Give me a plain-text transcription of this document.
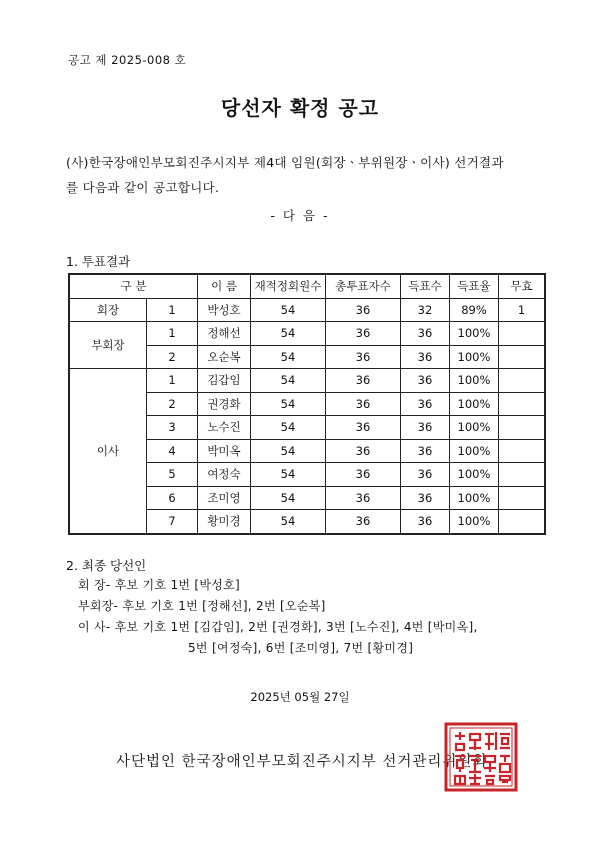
공고 제 2025-008 호
당선자 확정 공고

(사)한국장애인부모회진주시지부 제4대 임원(회장ㆍ부위원장ㆍ이사) 선거결과

를 다음과 같이 공고합니다.

- 다 음 -
1. 투표결과
구 분		이 름	재적정회원수	총투표자수	득표수	득표율	무효
회장	1	박성호	54	36	32	89%	1
부회장	1	정해선	54	36	36	100%	
	2	오순복	54	36	36	100%	
이사	1	김갑임	54	36	36	100%	
	2	권경화	54	36	36	100%	
	3	노수진	54	36	36	100%	
	4	박미옥	54	36	36	100%	
	5	여정숙	54	36	36	100%	
	6	조미영	54	36	36	100%	
	7	황미경	54	36	36	100%	
2. 최종 당선인
회 장- 후보 기호 1번 [박성호]
부회장- 후보 기호 1번 [정해선], 2번 [오순복]
이 사- 후보 기호 1번 [김갑임], 2번 [권경화], 3번 [노수진], 4번 [박미옥],
5번 [여정숙], 6번 [조미영], 7번 [황미경]
2025년 05월 27일
사단법인 한국장애인부모회진주시지부 선거관리위원회
